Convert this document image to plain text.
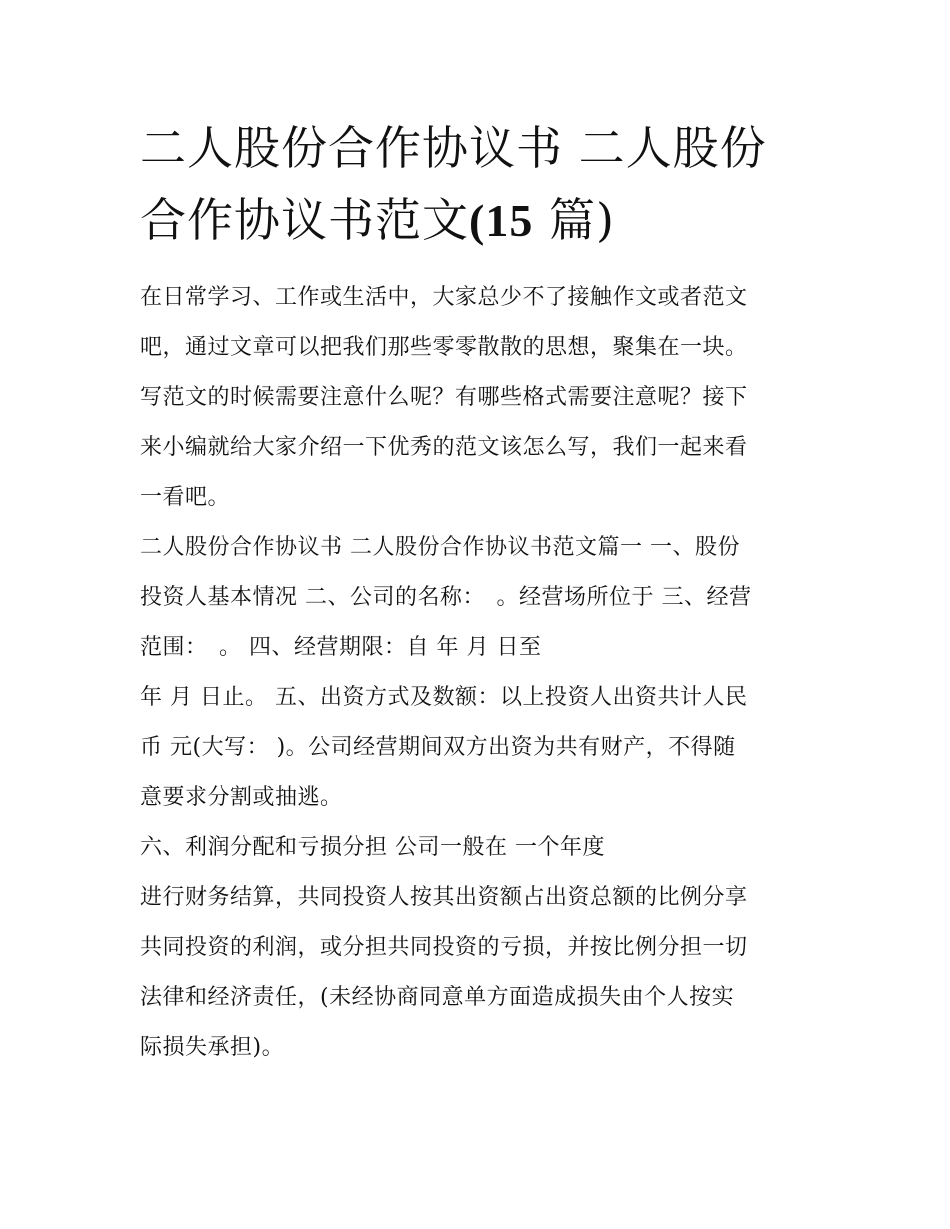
二人股份合作协议书 二人股份
合作协议书范文(15 篇)

在日常学习、工作或生活中，大家总少不了接触作文或者范文
吧，通过文章可以把我们那些零零散散的思想，聚集在一块。
写范文的时候需要注意什么呢？有哪些格式需要注意呢？接下
来小编就给大家介绍一下优秀的范文该怎么写，我们一起来看
一看吧。

二人股份合作协议书 二人股份合作协议书范文篇一 一、股份
投资人基本情况 二、公司的名称：　。经营场所位于 三、经营
范围：　。 四、经营期限：自 年 月 日至

年 月 日止。 五、出资方式及数额：以上投资人出资共计人民
币 元(大写： )。公司经营期间双方出资为共有财产，不得随
意要求分割或抽逃。

六、利润分配和亏损分担 公司一般在 一个年度

进行财务结算，共同投资人按其出资额占出资总额的比例分享
共同投资的利润，或分担共同投资的亏损，并按比例分担一切
法律和经济责任，(未经协商同意单方面造成损失由个人按实
际损失承担)。
